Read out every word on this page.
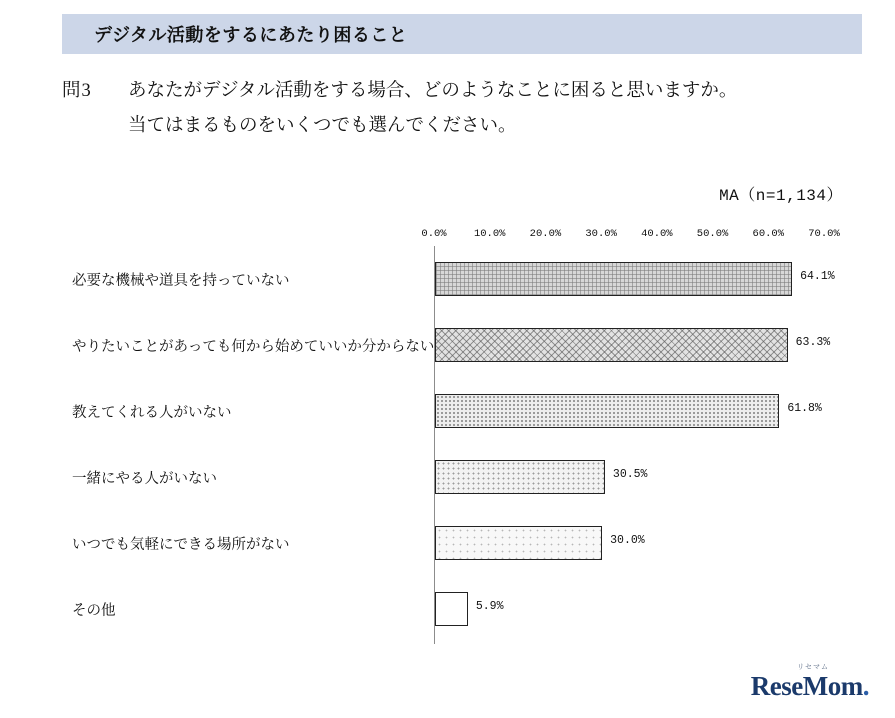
デジタル活動をするにあたり困ること
問3	あなたがデジタル活動をする場合、どのようなことに困ると思いますか。
当てはまるものをいくつでも選んでください。
MA（n=1,134）
0.0%	10.0% 20.0% 30.0% 40.0% 50.0% 60.0% 70.0%
必要な機械や道具を持っていない	64.1%
やりたいことがあっても何から始めていいか分からない	63.3%
教えてくれる人がいない	61.8%
一緒にやる人がいない	30.5%
いつでも気軽にできる場所がない	30.0%
その他	5.9%
リセマム
ReseMom.
